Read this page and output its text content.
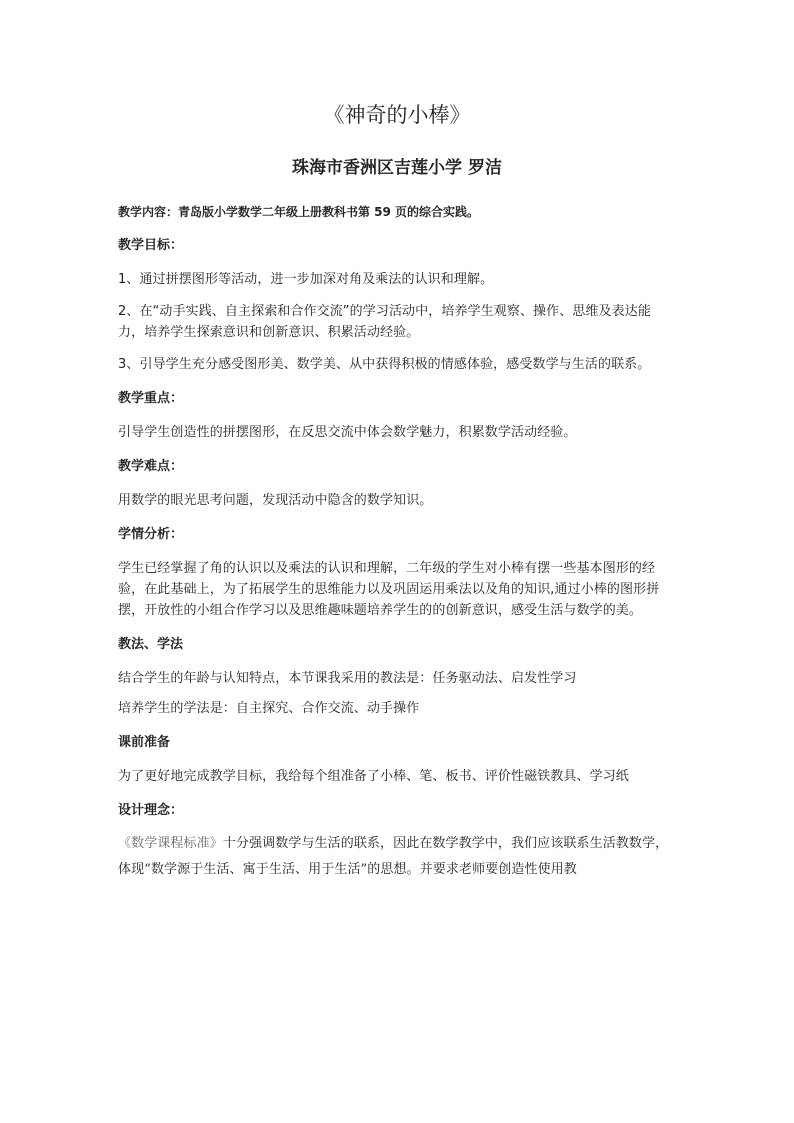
《神奇的小棒》
珠海市香洲区吉莲小学 罗洁
教学内容：青岛版小学数学二年级上册教科书第 59 页的综合实践。
教学目标：
1、通过拼摆图形等活动，进一步加深对角及乘法的认识和理解。
2、在“动手实践、自主探索和合作交流”的学习活动中，培养学生观察、操作、思维及表达能力，培养学生探索意识和创新意识、积累活动经验。
3、引导学生充分感受图形美、数学美、从中获得积极的情感体验，感受数学与生活的联系。
教学重点：
引导学生创造性的拼摆图形，在反思交流中体会数学魅力，积累数学活动经验。
教学难点：
用数学的眼光思考问题，发现活动中隐含的数学知识。
学情分析：
学生已经掌握了角的认识以及乘法的认识和理解，二年级的学生对小棒有摆一些基本图形的经验，在此基础上，为了拓展学生的思维能力以及巩固运用乘法以及角的知识,通过小棒的图形拼摆，开放性的小组合作学习以及思维趣味题培养学生的的创新意识，感受生活与数学的美。
教法、学法
结合学生的年龄与认知特点，本节课我采用的教法是：任务驱动法、启发性学习
培养学生的学法是：自主探究、合作交流、动手操作
课前准备
为了更好地完成教学目标，我给每个组准备了小棒、笔、板书、评价性磁铁教具、学习纸
设计理念：
《数学课程标准》十分强调数学与生活的联系，因此在数学教学中，我们应该联系生活教数学，体现“数学源于生活、寓于生活、用于生活”的思想。并要求老师要创造性使用教
